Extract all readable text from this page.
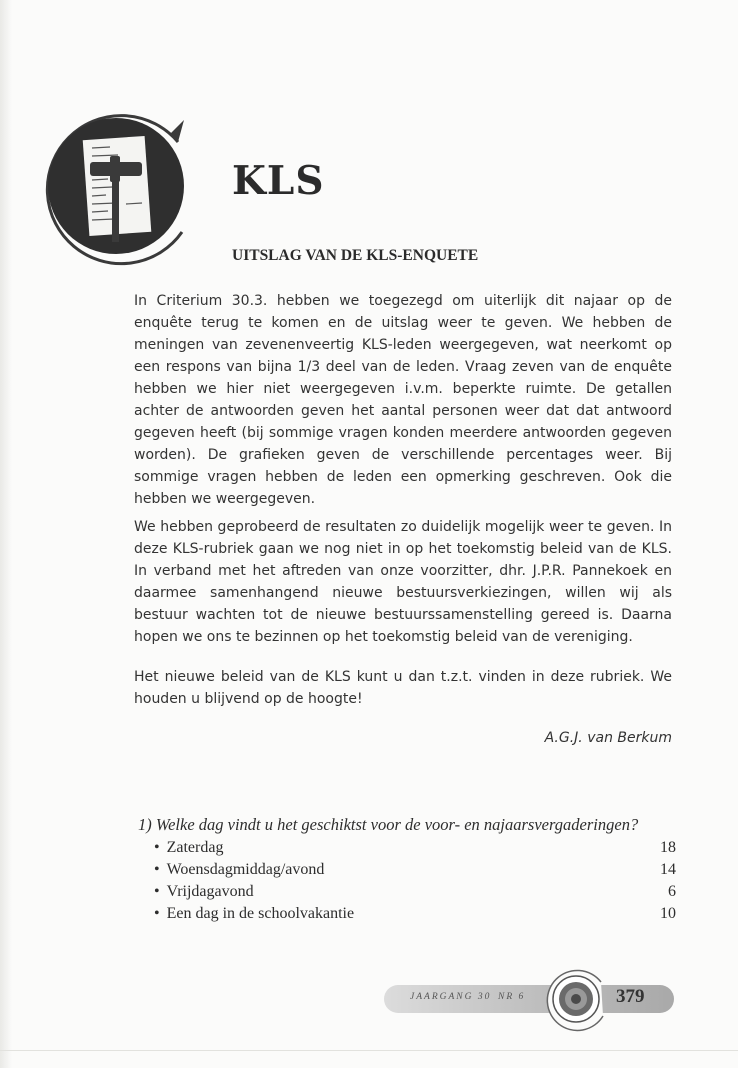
KLS
UITSLAG VAN DE KLS-ENQUETE

In Criterium 30.3. hebben we toegezegd om uiterlijk dit najaar op de enquête terug te komen en de uitslag weer te geven. We hebben de meningen van zevenenveertig KLS-leden weergegeven, wat neerkomt op een respons van bijna 1/3 deel van de leden. Vraag zeven van de enquête hebben we hier niet weergegeven i.v.m. beperkte ruimte. De getallen achter de antwoorden geven het aantal personen weer dat dat antwoord gegeven heeft (bij sommige vragen konden meerdere antwoorden gegeven worden). De grafieken geven de verschillende percentages weer. Bij sommige vragen hebben de leden een opmerking geschreven. Ook die hebben we weergegeven.

We hebben geprobeerd de resultaten zo duidelijk mogelijk weer te geven. In deze KLS-rubriek gaan we nog niet in op het toekomstig beleid van de KLS. In verband met het aftreden van onze voorzitter, dhr. J.P.R. Pannekoek en daarmee samenhangend nieuwe bestuursverkiezingen, willen wij als bestuur wachten tot de nieuwe bestuurssamenstelling gereed is. Daarna hopen we ons te bezinnen op het toekomstig beleid van de vereniging.

Het nieuwe beleid van de KLS kunt u dan t.z.t. vinden in deze rubriek. We houden u blijvend op de hoogte!

A.G.J. van Berkum
1) Welke dag vindt u het geschiktst voor de voor- en najaarsvergaderingen?
• Zaterdag	18
• Woensdagmiddag/avond	14
• Vrijdagavond	6
• Een dag in de schoolvakantie	10
JAARGANG 30 NR 6	379
